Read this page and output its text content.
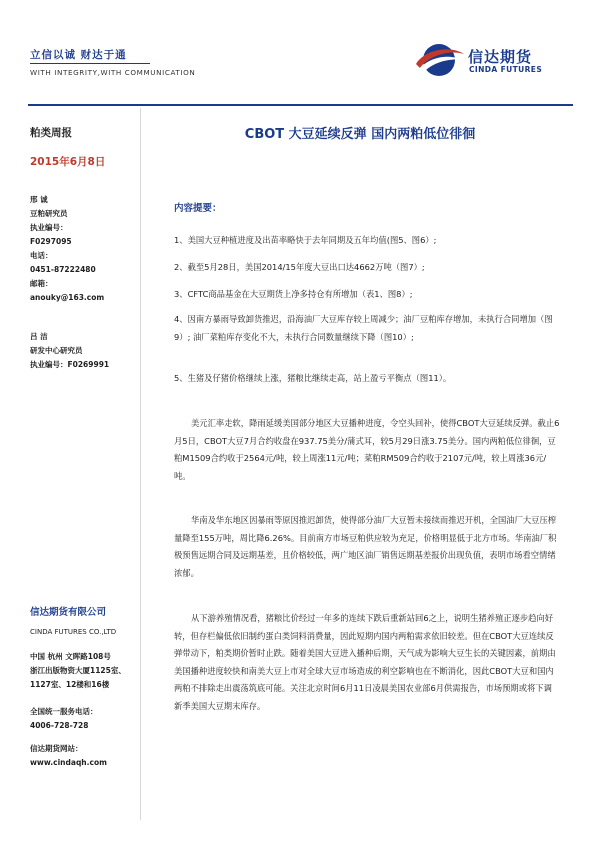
立信以诚 财达于通
WITH INTEGRITY,WITH COMMUNICATION
信达期货
CINDA FUTURES
粕类周报
2015年6月8日
邢 诚
豆粕研究员
执业编号：
F0297095
电话：
0451-87222480
邮箱：
anouky@163.com
吕 洁
研发中心研究员
执业编号：F0269991
信达期货有限公司
CINDA FUTURES CO.,LTD
中国 杭州 文晖路108号
浙江出版物资大厦1125室、
1127室、12楼和16楼
全国统一服务电话：
4006-728-728
信达期货网站：
www.cindaqh.com
CBOT 大豆延续反弹 国内两粕低位徘徊
内容提要：
1、美国大豆种植进度及出苗率略快于去年同期及五年均值(图5、图6）;
2、截至5月28日，美国2014/15年度大豆出口达4662万吨（图7）;
3、CFTC商品基金在大豆期货上净多持仓有所增加（表1、图8）;
4、因南方暴雨导致卸货推迟，沿海油厂大豆库存较上周减少；油厂豆粕库存增加，未执行合同增加（图9）; 油厂菜粕库存变化不大，未执行合同数量继续下降（图10）;
5、生猪及仔猪价格继续上涨，猪粮比继续走高，站上盈亏平衡点（图11）。
美元汇率走软，降雨延缓美国部分地区大豆播种进度，令空头回补，使得CBOT大豆延续反弹。截止6月5日，CBOT大豆7月合约收盘在937.75美分/蒲式耳，较5月29日涨3.75美分。国内两粕低位徘徊，豆粕M1509合约收于2564元/吨，较上周涨11元/吨；菜粕RM509合约收于2107元/吨，较上周涨36元/吨。
华南及华东地区因暴雨等原因推迟卸货，使得部分油厂大豆暂未接续而推迟开机，全国油厂大豆压榨量降至155万吨，周比降6.26%。目前南方市场豆粕供应较为充足，价格明显低于北方市场。华南油厂积极预售远期合同及远期基差，且价格较低，两广地区油厂销售远期基差报价出现负值，表明市场看空情绪浓郁。
从下游养殖情况看，猪粮比价经过一年多的连续下跌后重新站回6之上，说明生猪养殖正逐步趋向好转，但存栏偏低依旧制约蛋白类饲料消费量，因此短期内国内两粕需求依旧较差。但在CBOT大豆连续反弹带动下，粕类期价暂时止跌。随着美国大豆进入播种后期，天气成为影响大豆生长的关键因素，前期由美国播种进度较快和南美大豆上市对全球大豆市场造成的利空影响也在不断消化，因此CBOT大豆和国内两粕不排除走出震荡筑底可能。关注北京时间6月11日凌晨美国农业部6月供需报告，市场预期或将下调新季美国大豆期末库存。
